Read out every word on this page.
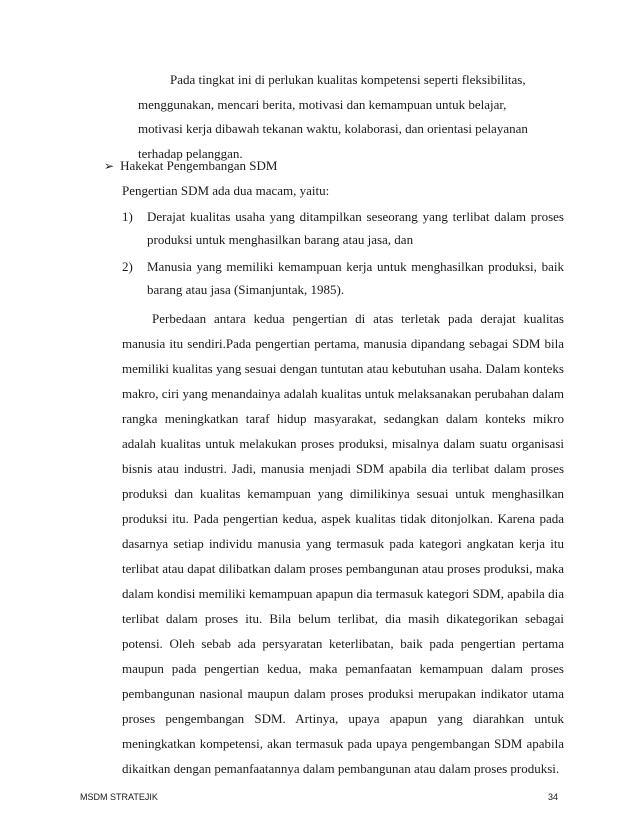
Pada tingkat ini di perlukan kualitas kompetensi seperti fleksibilitas, menggunakan, mencari berita, motivasi dan kemampuan untuk belajar, motivasi kerja dibawah tekanan waktu, kolaborasi, dan orientasi pelayanan terhadap pelanggan.
➢ Hakekat Pengembangan SDM
Pengertian SDM ada dua macam, yaitu:
1) Derajat kualitas usaha yang ditampilkan seseorang yang terlibat dalam proses produksi untuk menghasilkan barang atau jasa, dan
2) Manusia yang memiliki kemampuan kerja untuk menghasilkan produksi, baik barang atau jasa (Simanjuntak, 1985).
Perbedaan antara kedua pengertian di atas terletak pada derajat kualitas manusia itu sendiri.Pada pengertian pertama, manusia dipandang sebagai SDM bila memiliki kualitas yang sesuai dengan tuntutan atau kebutuhan usaha. Dalam konteks makro, ciri yang menandainya adalah kualitas untuk melaksanakan perubahan dalam rangka meningkatkan taraf hidup masyarakat, sedangkan dalam konteks mikro adalah kualitas untuk melakukan proses produksi, misalnya dalam suatu organisasi bisnis atau industri. Jadi, manusia menjadi SDM apabila dia terlibat dalam proses produksi dan kualitas kemampuan yang dimilikinya sesuai untuk menghasilkan produksi itu. Pada pengertian kedua, aspek kualitas tidak ditonjolkan. Karena pada dasarnya setiap individu manusia yang termasuk pada kategori angkatan kerja itu terlibat atau dapat dilibatkan dalam proses pembangunan atau proses produksi, maka dalam kondisi memiliki kemampuan apapun dia termasuk kategori SDM, apabila dia terlibat dalam proses itu. Bila belum terlibat, dia masih dikategorikan sebagai potensi. Oleh sebab ada persyaratan keterlibatan, baik pada pengertian pertama maupun pada pengertian kedua, maka pemanfaatan kemampuan dalam proses pembangunan nasional maupun dalam proses produksi merupakan indikator utama proses pengembangan SDM. Artinya, upaya apapun yang diarahkan untuk meningkatkan kompetensi, akan termasuk pada upaya pengembangan SDM apabila dikaitkan dengan pemanfaatannya dalam pembangunan atau dalam proses produksi.
MSDM STRATEJIK	34
